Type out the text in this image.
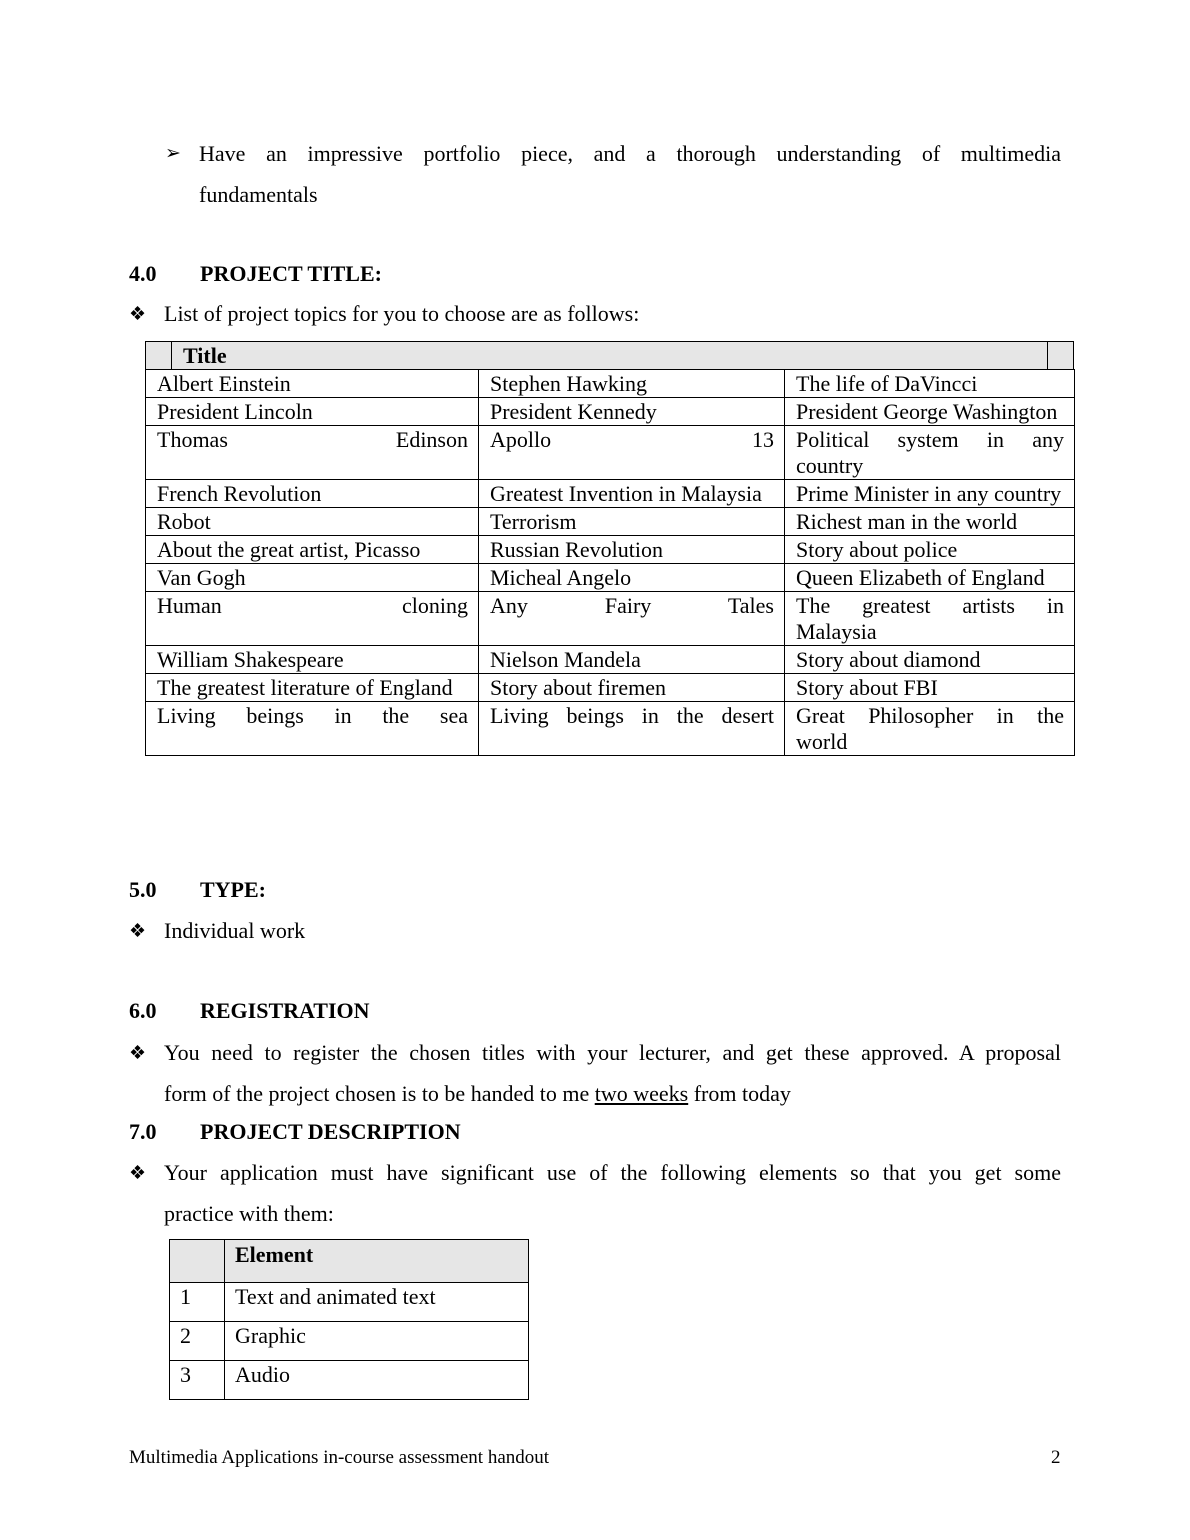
➢ Have an impressive portfolio piece, and a thorough understanding of multimedia
fundamentals
4.0 PROJECT TITLE:
❖ List of project topics for you to choose are as follows:
Title
Albert Einstein	Stephen Hawking	The life of DaVincci
President Lincoln	President Kennedy	President George Washington
Thomas Edinson	Apollo 13	Political system in any country
French Revolution	Greatest Invention in Malaysia	Prime Minister in any country
Robot	Terrorism	Richest man in the world
About the great artist, Picasso	Russian Revolution	Story about police
Van Gogh	Micheal Angelo	Queen Elizabeth of England
Human cloning	Any Fairy Tales	The greatest artists in Malaysia
William Shakespeare	Nielson Mandela	Story about diamond
The greatest literature of England	Story about firemen	Story about FBI
Living beings in the sea	Living beings in the desert	Great Philosopher in the world
5.0 TYPE:
❖ Individual work
6.0 REGISTRATION
❖ You need to register the chosen titles with your lecturer, and get these approved. A proposal
form of the project chosen is to be handed to me two weeks from today
7.0 PROJECT DESCRIPTION
❖ Your application must have significant use of the following elements so that you get some
practice with them:
	Element
1	Text and animated text
2	Graphic
3	Audio
Multimedia Applications in-course assessment handout	2
